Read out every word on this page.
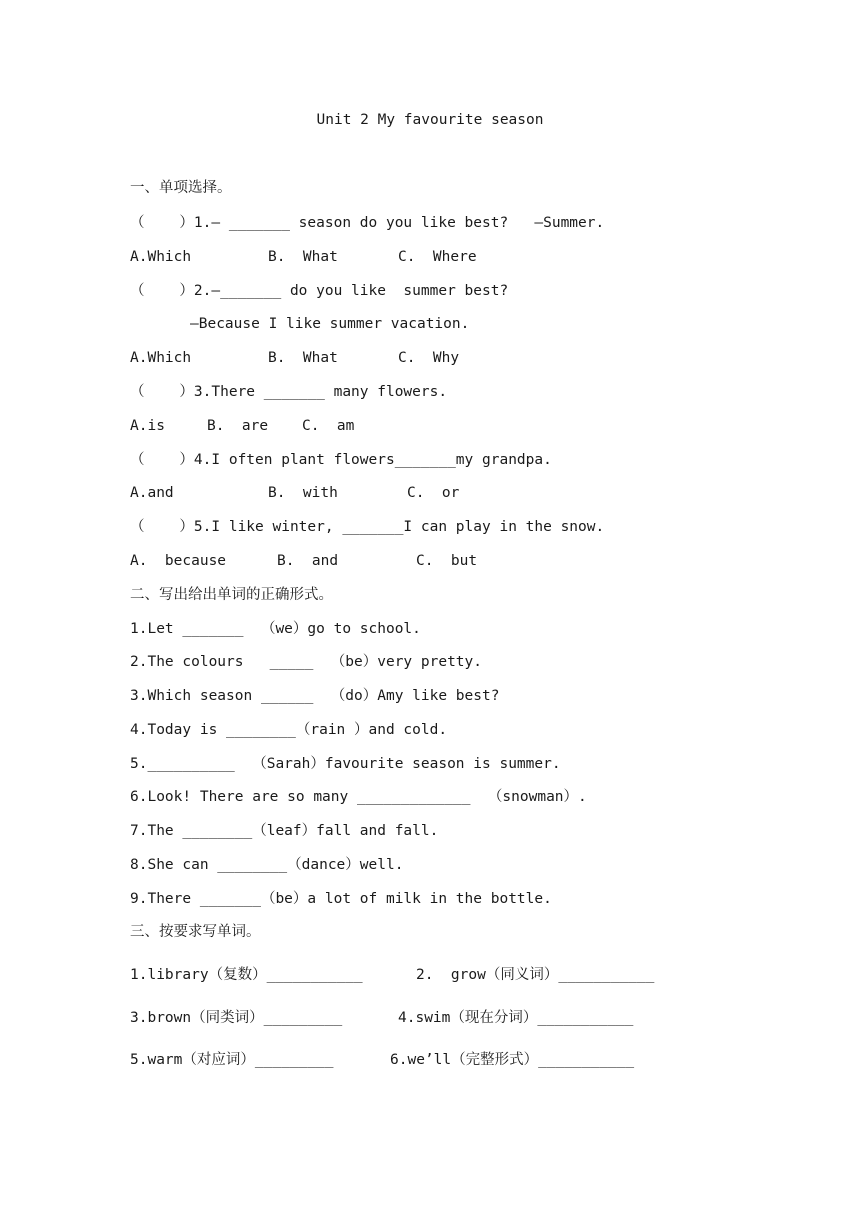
Unit 2 My favourite season
一、单项选择。
（    ）1.— _______ season do you like best?   —Summer.
A.Which	B.  What	C.  Where
（    ）2.—_______ do you like  summer best?
—Because I like summer vacation.
A.Which	B.  What	C.  Why
（    ）3.There _______ many flowers.
A.is	B.  are C.  am
（    ）4.I often plant flowers_______my grandpa.
A.and	B.  with	C.  or
（    ）5.I like winter, _______I can play in the snow.
A.  because	B.  and	C.  but
二、写出给出单词的正确形式。
1.Let _______  （we）go to school.
2.The colours   _____  （be）very pretty.
3.Which season ______  （do）Amy like best?
4.Today is ________（rain ）and cold.
5.__________  （Sarah）favourite season is summer.
6.Look! There are so many _____________  （snowman）.
7.The ________（leaf）fall and fall.
8.She can ________（dance）well.
9.There _______（be）a lot of milk in the bottle.
三、按要求写单词。
1.library（复数）___________	2.  grow（同义词）___________
3.brown（同类词）_________	4.swim（现在分词）___________
5.warm（对应词）_________	6.we’ll（完整形式）___________
